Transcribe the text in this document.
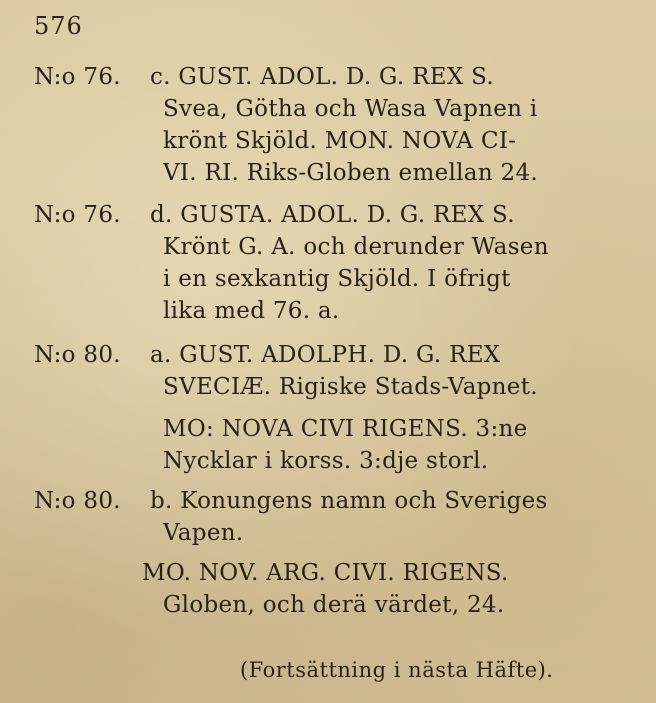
576
N:o 76. c. GUST. ADOL. D. G. REX S.
Svea, Götha och Wasa Vapnen i
krönt Skjöld. MON. NOVA CI-
VI. RI. Riks-Globen emellan 24.
N:o 76. d. GUSTA. ADOL. D. G. REX S.
Krönt G. A. och derunder Wasen
i en sexkantig Skjöld. I öfrigt
lika med 76. a.
N:o 80. a. GUST. ADOLPH. D. G. REX
SVECIÆ. Rigiske Stads-Vapnet.
MO: NOVA CIVI RIGENS. 3:ne
Nycklar i korss. 3:dje storl.
N:o 80. b. Konungens namn och Sveriges
Vapen.
MO. NOV. ARG. CIVI. RIGENS.
Globen, och derä värdet, 24.
(Fortsättning i nästa Häfte).
